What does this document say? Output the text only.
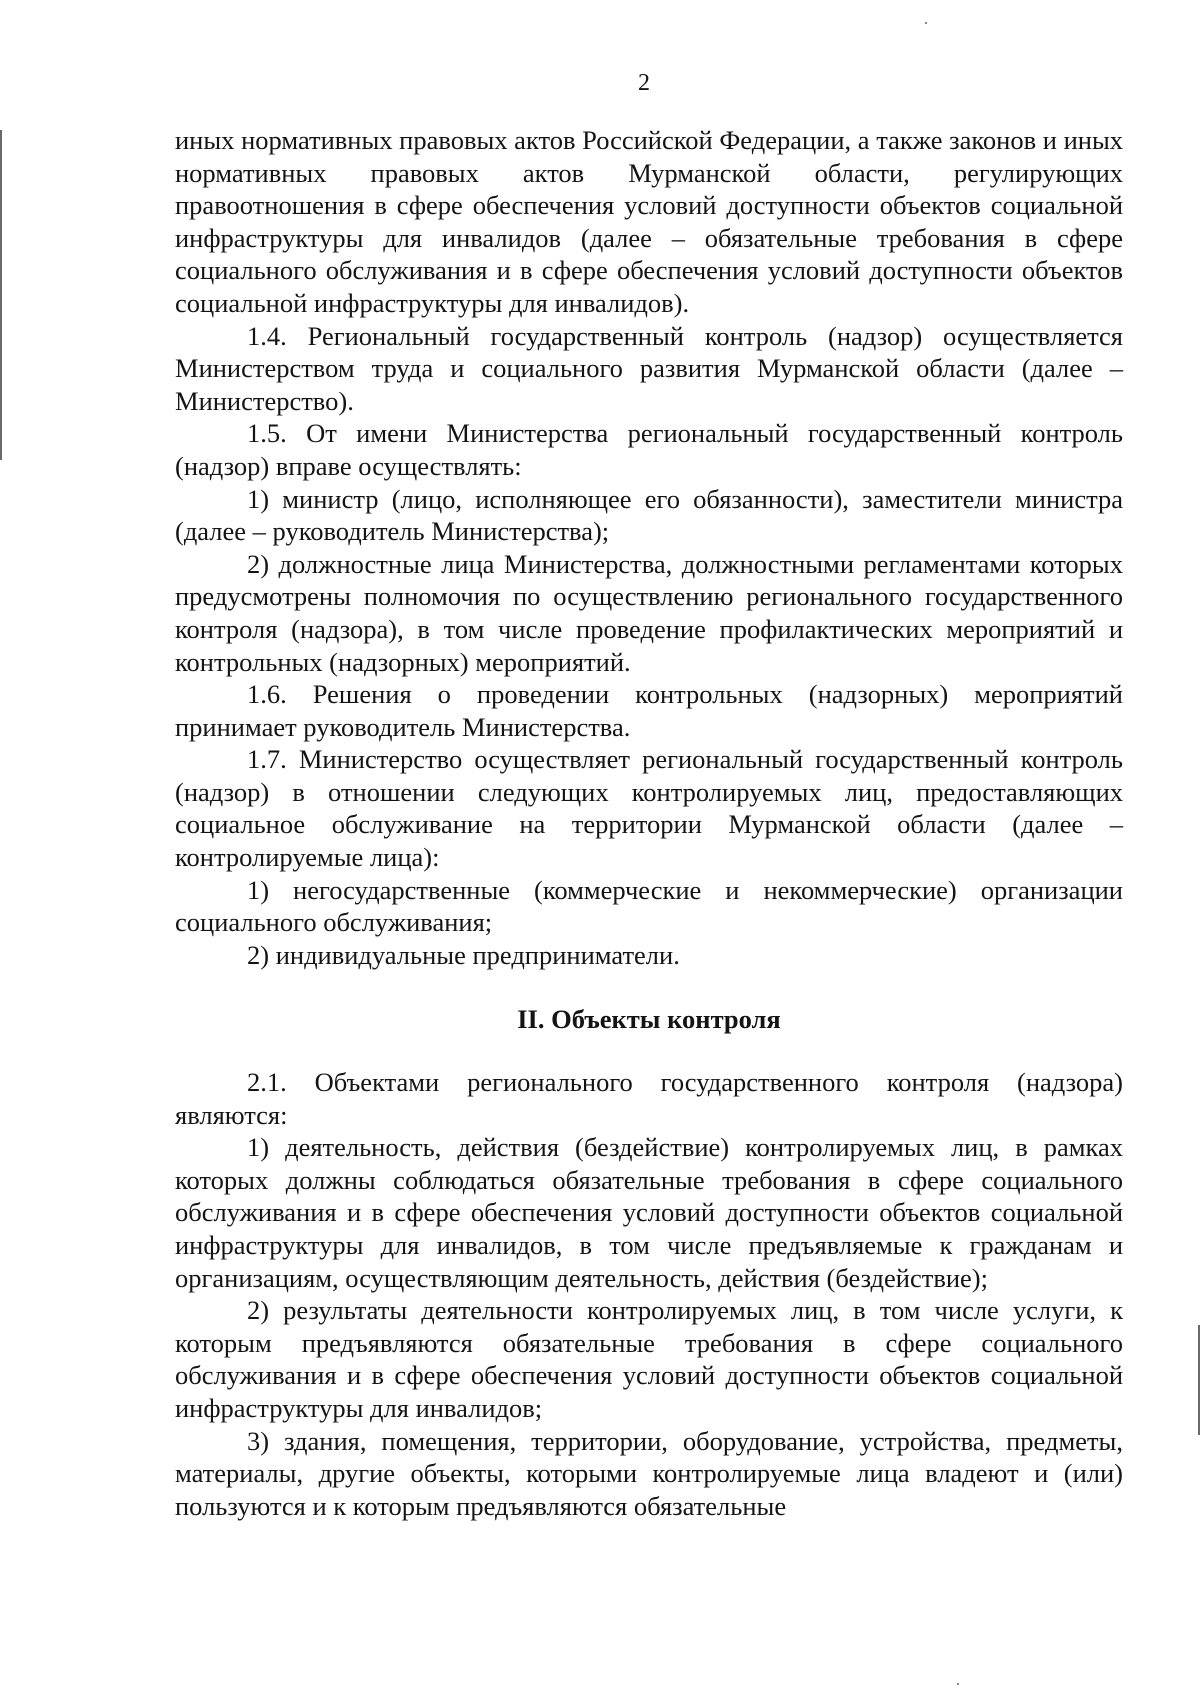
2

иных нормативных правовых актов Российской Федерации, а также законов и иных нормативных правовых актов Мурманской области, регулирующих правоотношения в сфере обеспечения условий доступности объектов социальной инфраструктуры для инвалидов (далее – обязательные требования в сфере социального обслуживания и в сфере обеспечения условий доступности объектов социальной инфраструктуры для инвалидов).

1.4. Региональный государственный контроль (надзор) осуществляется Министерством труда и социального развития Мурманской области (далее – Министерство).

1.5. От имени Министерства региональный государственный контроль (надзор) вправе осуществлять:

1) министр (лицо, исполняющее его обязанности), заместители министра (далее – руководитель Министерства);

2) должностные лица Министерства, должностными регламентами которых предусмотрены полномочия по осуществлению регионального государственного контроля (надзора), в том числе проведение профилактических мероприятий и контрольных (надзорных) мероприятий.

1.6. Решения о проведении контрольных (надзорных) мероприятий принимает руководитель Министерства.

1.7. Министерство осуществляет региональный государственный контроль (надзор) в отношении следующих контролируемых лиц, предоставляющих социальное обслуживание на территории Мурманской области (далее – контролируемые лица):

1) негосударственные (коммерческие и некоммерческие) организации социального обслуживания;

2) индивидуальные предприниматели.

II. Объекты контроля

2.1. Объектами регионального государственного контроля (надзора) являются:

1) деятельность, действия (бездействие) контролируемых лиц, в рамках которых должны соблюдаться обязательные требования в сфере социального обслуживания и в сфере обеспечения условий доступности объектов социальной инфраструктуры для инвалидов, в том числе предъявляемые к гражданам и организациям, осуществляющим деятельность, действия (бездействие);

2) результаты деятельности контролируемых лиц, в том числе услуги, к которым предъявляются обязательные требования в сфере социального обслуживания и в сфере обеспечения условий доступности объектов социальной инфраструктуры для инвалидов;

3) здания, помещения, территории, оборудование, устройства, предметы, материалы, другие объекты, которыми контролируемые лица владеют и (или) пользуются и к которым предъявляются обязательные
